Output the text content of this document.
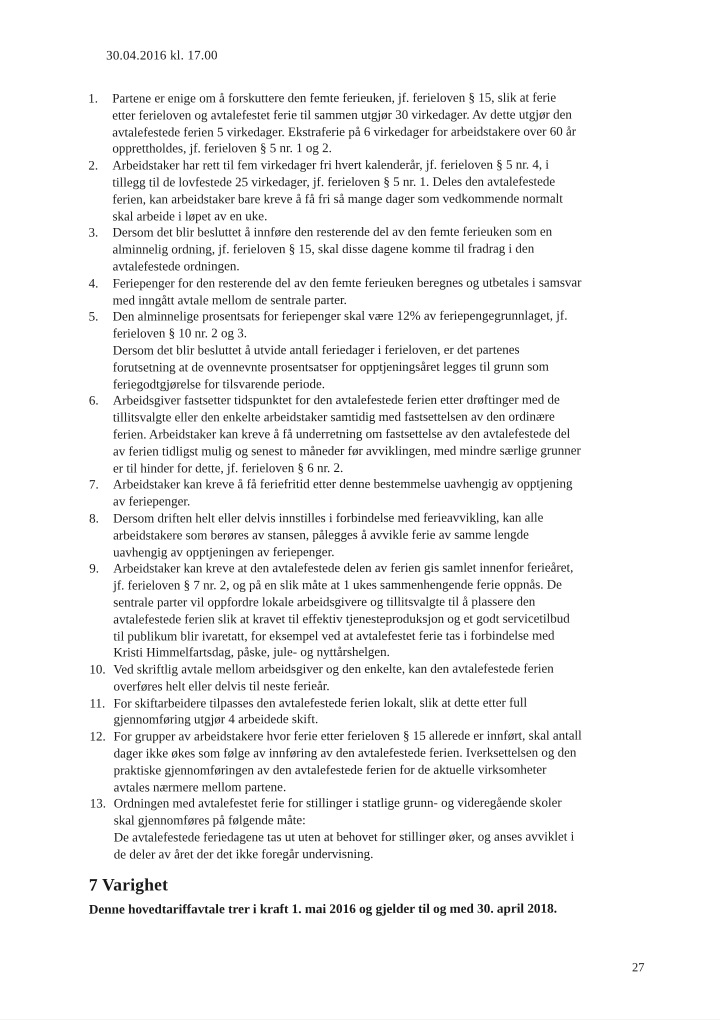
30.04.2016 kl. 17.00
1.	Partene er enige om å forskuttere den femte ferieuken, jf. ferieloven § 15, slik at ferie
etter ferieloven og avtalefestet ferie til sammen utgjør 30 virkedager. Av dette utgjør den
avtalefestede ferien 5 virkedager. Ekstraferie på 6 virkedager for arbeidstakere over 60 år
opprettholdes, jf. ferieloven § 5 nr. 1 og 2.
2.	Arbeidstaker har rett til fem virkedager fri hvert kalenderår, jf. ferieloven § 5 nr. 4, i
tillegg til de lovfestede 25 virkedager, jf. ferieloven § 5 nr. 1. Deles den avtalefestede
ferien, kan arbeidstaker bare kreve å få fri så mange dager som vedkommende normalt
skal arbeide i løpet av en uke.
3.	Dersom det blir besluttet å innføre den resterende del av den femte ferieuken som en
alminnelig ordning, jf. ferieloven § 15, skal disse dagene komme til fradrag i den
avtalefestede ordningen.
4.	Feriepenger for den resterende del av den femte ferieuken beregnes og utbetales i samsvar
med inngått avtale mellom de sentrale parter.
5.	Den alminnelige prosentsats for feriepenger skal være 12% av feriepengegrunnlaget, jf.
ferieloven § 10 nr. 2 og 3.
Dersom det blir besluttet å utvide antall feriedager i ferieloven, er det partenes
forutsetning at de ovennevnte prosentsatser for opptjeningsåret legges til grunn som
feriegodtgjørelse for tilsvarende periode.
6.	Arbeidsgiver fastsetter tidspunktet for den avtalefestede ferien etter drøftinger med de
tillitsvalgte eller den enkelte arbeidstaker samtidig med fastsettelsen av den ordinære
ferien. Arbeidstaker kan kreve å få underretning om fastsettelse av den avtalefestede del
av ferien tidligst mulig og senest to måneder før avviklingen, med mindre særlige grunner
er til hinder for dette, jf. ferieloven § 6 nr. 2.
7.	Arbeidstaker kan kreve å få feriefritid etter denne bestemmelse uavhengig av opptjening
av feriepenger.
8.	Dersom driften helt eller delvis innstilles i forbindelse med ferieavvikling, kan alle
arbeidstakere som berøres av stansen, pålegges å avvikle ferie av samme lengde
uavhengig av opptjeningen av feriepenger.
9.	Arbeidstaker kan kreve at den avtalefestede delen av ferien gis samlet innenfor ferieåret,
jf. ferieloven § 7 nr. 2, og på en slik måte at 1 ukes sammenhengende ferie oppnås. De
sentrale parter vil oppfordre lokale arbeidsgivere og tillitsvalgte til å plassere den
avtalefestede ferien slik at kravet til effektiv tjenesteproduksjon og et godt servicetilbud
til publikum blir ivaretatt, for eksempel ved at avtalefestet ferie tas i forbindelse med
Kristi Himmelfartsdag, påske, jule- og nyttårshelgen.
10. Ved skriftlig avtale mellom arbeidsgiver og den enkelte, kan den avtalefestede ferien
overføres helt eller delvis til neste ferieår.
11. For skiftarbeidere tilpasses den avtalefestede ferien lokalt, slik at dette etter full
gjennomføring utgjør 4 arbeidede skift.
12. For grupper av arbeidstakere hvor ferie etter ferieloven § 15 allerede er innført, skal antall
dager ikke økes som følge av innføring av den avtalefestede ferien. Iverksettelsen og den
praktiske gjennomføringen av den avtalefestede ferien for de aktuelle virksomheter
avtales nærmere mellom partene.
13. Ordningen med avtalefestet ferie for stillinger i statlige grunn- og videregående skoler
skal gjennomføres på følgende måte:
De avtalefestede feriedagene tas ut uten at behovet for stillinger øker, og anses avviklet i
de deler av året der det ikke foregår undervisning.
7 Varighet

Denne hovedtariffavtale trer i kraft 1. mai 2016 og gjelder til og med 30. april 2018.

27
